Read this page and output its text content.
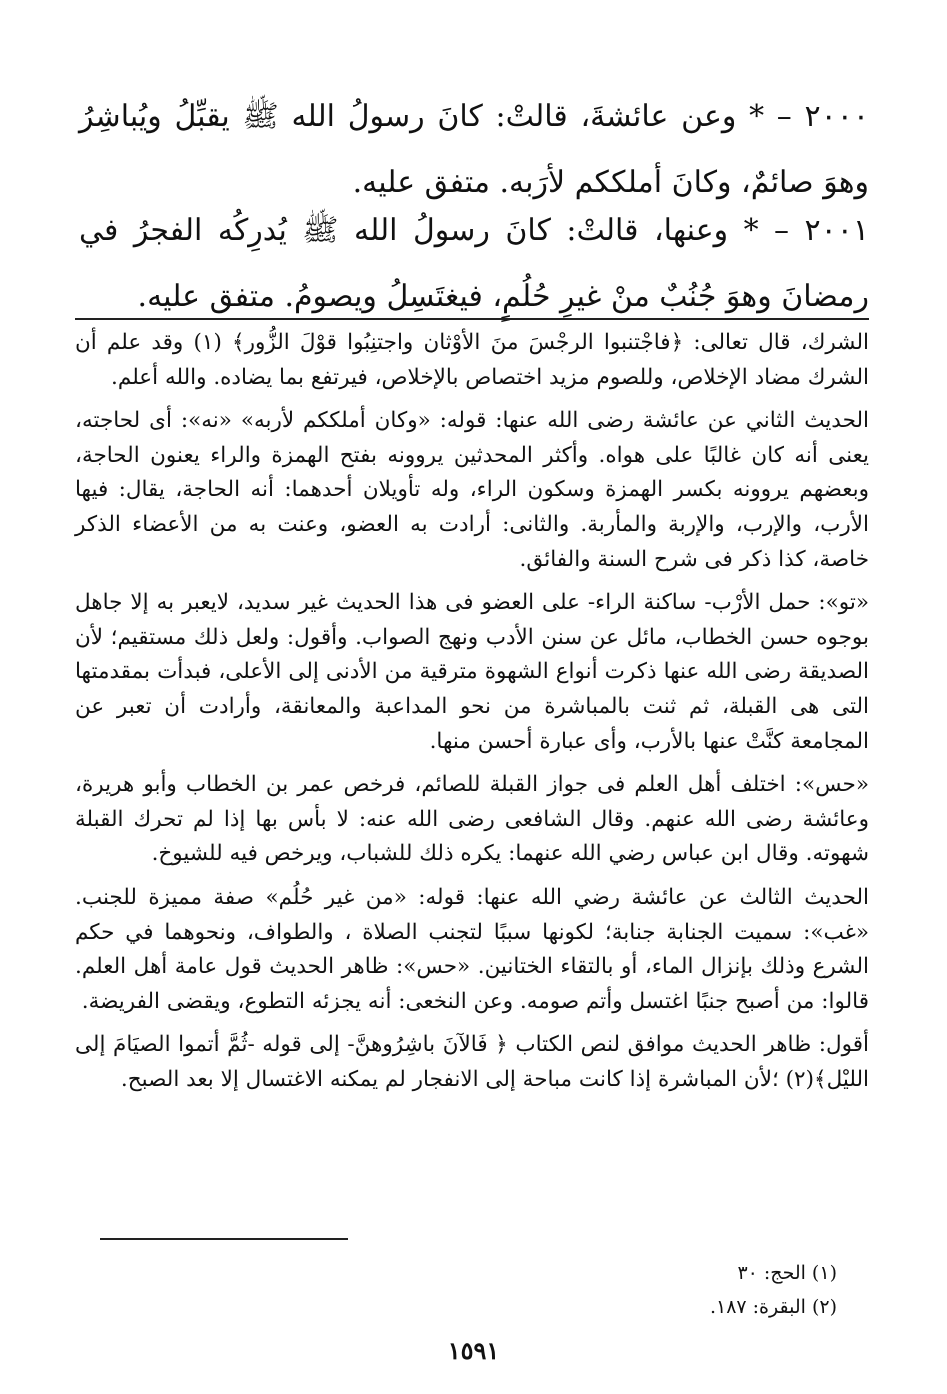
٢٠٠٠ – * وعن عائشةَ، قالتْ: كانَ رسولُ الله ﷺ يقبِّلُ ويُباشِرُ وهوَ صائمٌ، وكانَ أملككم لأرَبه. متفق عليه.
٢٠٠١ – * وعنها، قالتْ: كانَ رسولُ الله ﷺ يُدرِكُه الفجرُ في رمضانَ وهوَ جُنُبٌ منْ غيرِ حُلُمٍ، فيغتَسِلُ ويصومُ. متفق عليه.

الشرك، قال تعالى: ﴿فاجْتنبوا الرجْسَ منَ الأوْثان واجتنِبُوا قوْلَ الزُّور﴾ (١) وقد علم أن الشرك مضاد الإخلاص، وللصوم مزيد اختصاص بالإخلاص، فيرتفع بما يضاده. والله أعلم.

الحديث الثاني عن عائشة رضى الله عنها: قوله: «وكان أملككم لأربه» «نه»: أى لحاجته، يعنى أنه كان غالبًا على هواه. وأكثر المحدثين يروونه بفتح الهمزة والراء يعنون الحاجة، وبعضهم يروونه بكسر الهمزة وسكون الراء، وله تأويلان أحدهما: أنه الحاجة، يقال: فيها الأرب، والإرب، والإربة والمأربة. والثانى: أرادت به العضو، وعنت به من الأعضاء الذكر خاصة، كذا ذكر فى شرح السنة والفائق.

«تو»: حمل الأرْب- ساكنة الراء- على العضو فى هذا الحديث غير سديد، لايعبر به إلا جاهل بوجوه حسن الخطاب، مائل عن سنن الأدب ونهج الصواب. وأقول: ولعل ذلك مستقيم؛ لأن الصديقة رضى الله عنها ذكرت أنواع الشهوة مترقية من الأدنى إلى الأعلى، فبدأت بمقدمتها التى هى القبلة، ثم ثنت بالمباشرة من نحو المداعبة والمعانقة، وأرادت أن تعبر عن المجامعة كنَّتْ عنها بالأرب، وأى عبارة أحسن منها.

«حس»: اختلف أهل العلم فى جواز القبلة للصائم، فرخص عمر بن الخطاب وأبو هريرة، وعائشة رضى الله عنهم. وقال الشافعى رضى الله عنه: لا بأس بها إذا لم تحرك القبلة شهوته. وقال ابن عباس رضي الله عنهما: يكره ذلك للشباب، ويرخص فيه للشيوخ.

الحديث الثالث عن عائشة رضي الله عنها: قوله: «من غير حُلُم» صفة مميزة للجنب. «غب»: سميت الجنابة جنابة؛ لكونها سببًا لتجنب الصلاة ، والطواف، ونحوهما في حكم الشرع وذلك بإنزال الماء، أو بالتقاء الختانين. «حس»: ظاهر الحديث قول عامة أهل العلم. قالوا: من أصبح جنبًا اغتسل وأتم صومه. وعن النخعى: أنه يجزئه التطوع، ويقضى الفريضة.

أقول: ظاهر الحديث موافق لنص الكتاب ﴿ فَالآنَ باشِرُوهنَّ- إلى قوله -ثُمَّ أتموا الصيَامَ إلى الليْل﴾(٢) ؛لأن المباشرة إذا كانت مباحة إلى الانفجار لم يمكنه الاغتسال إلا بعد الصبح.

(١) الحج: ٣٠
(٢) البقرة: ١٨٧.
١٥٩١
